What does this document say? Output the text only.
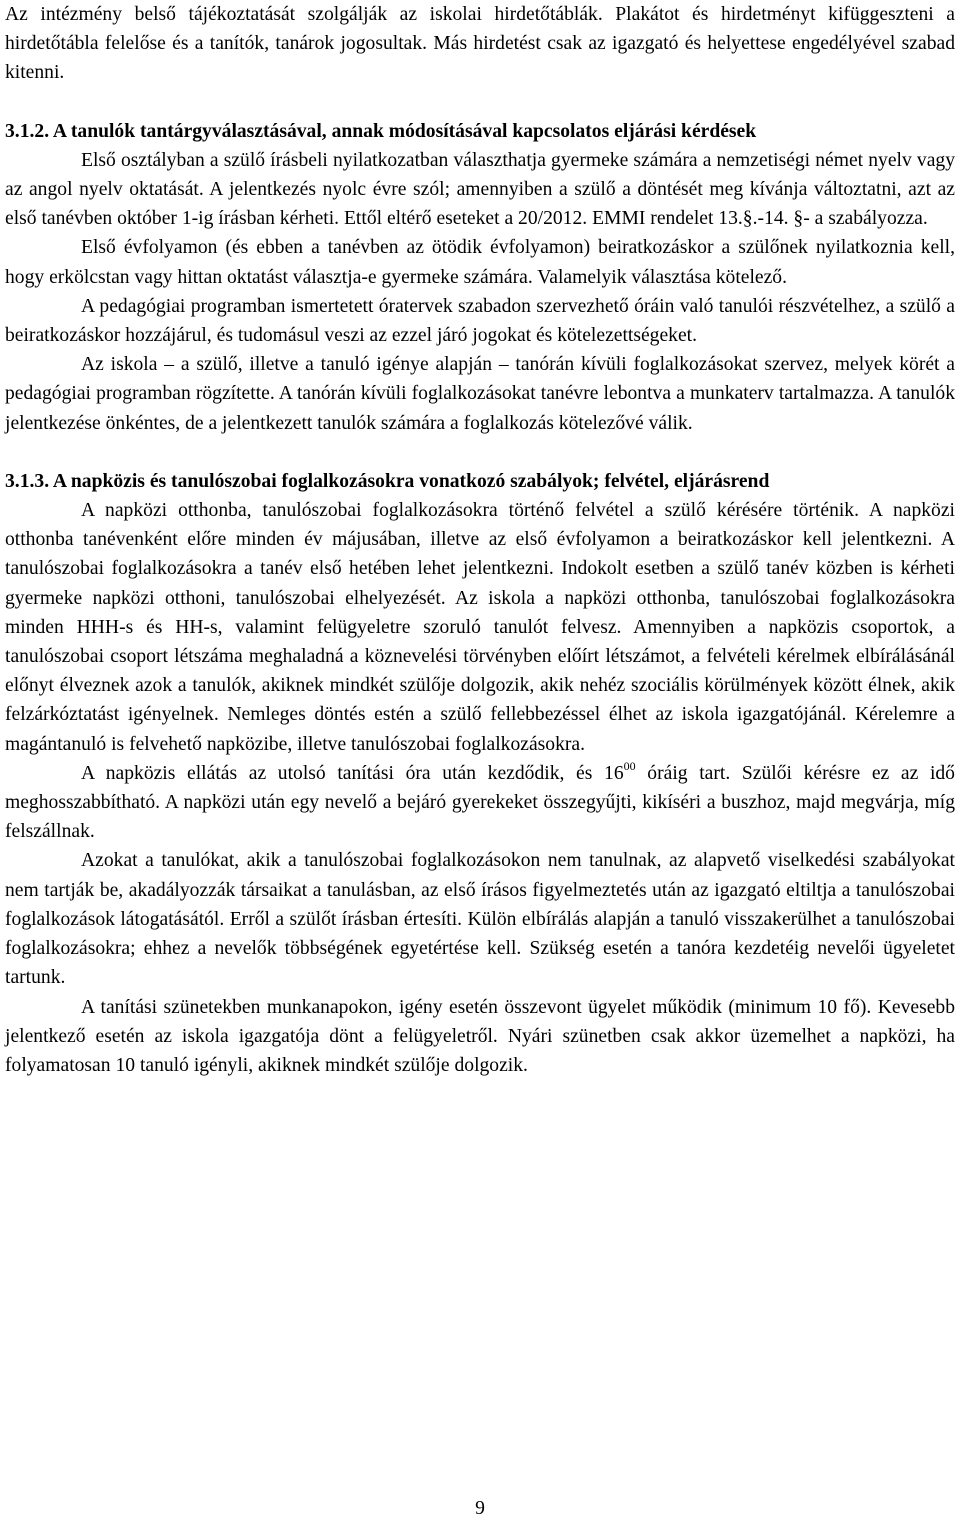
Az intézmény belső tájékoztatását szolgálják az iskolai hirdetőtáblák. Plakátot és hirdetményt kifüggeszteni a hirdetőtábla felelőse és a tanítók, tanárok jogosultak. Más hirdetést csak az igazgató és helyettese engedélyével szabad kitenni.

3.1.2. A tanulók tantárgyválasztásával, annak módosításával kapcsolatos eljárási kérdések

Első osztályban a szülő írásbeli nyilatkozatban választhatja gyermeke számára a nemzetiségi német nyelv vagy az angol nyelv oktatását. A jelentkezés nyolc évre szól; amennyiben a szülő a döntését meg kívánja változtatni, azt az első tanévben október 1-ig írásban kérheti. Ettől eltérő eseteket a 20/2012. EMMI rendelet 13.§.-14. §- a szabályozza.

Első évfolyamon (és ebben a tanévben az ötödik évfolyamon) beiratkozáskor a szülőnek nyilatkoznia kell, hogy erkölcstan vagy hittan oktatást választja-e gyermeke számára. Valamelyik választása kötelező.

A pedagógiai programban ismertetett óratervek szabadon szervezhető óráin való tanulói részvételhez, a szülő a beiratkozáskor hozzájárul, és tudomásul veszi az ezzel járó jogokat és kötelezettségeket.

Az iskola – a szülő, illetve a tanuló igénye alapján – tanórán kívüli foglalkozásokat szervez, melyek körét a pedagógiai programban rögzítette. A tanórán kívüli foglalkozásokat tanévre lebontva a munkaterv tartalmazza. A tanulók jelentkezése önkéntes, de a jelentkezett tanulók számára a foglalkozás kötelezővé válik.

3.1.3. A napközis és tanulószobai foglalkozásokra vonatkozó szabályok; felvétel, eljárásrend

A napközi otthonba, tanulószobai foglalkozásokra történő felvétel a szülő kérésére történik. A napközi otthonba tanévenként előre minden év májusában, illetve az első évfolyamon a beiratkozáskor kell jelentkezni. A tanulószobai foglalkozásokra a tanév első hetében lehet jelentkezni. Indokolt esetben a szülő tanév közben is kérheti gyermeke napközi otthoni, tanulószobai elhelyezését. Az iskola a napközi otthonba, tanulószobai foglalkozásokra minden HHH-s és HH-s, valamint felügyeletre szoruló tanulót felvesz. Amennyiben a napközis csoportok, a tanulószobai csoport létszáma meghaladná a köznevelési törvényben előírt létszámot, a felvételi kérelmek elbírálásánál előnyt élveznek azok a tanulók, akiknek mindkét szülője dolgozik, akik nehéz szociális körülmények között élnek, akik felzárkóztatást igényelnek. Nemleges döntés estén a szülő fellebbezéssel élhet az iskola igazgatójánál. Kérelemre a magántanuló is felvehető napközibe, illetve tanulószobai foglalkozásokra.

A napközis ellátás az utolsó tanítási óra után kezdődik, és $16^{00}$ óráig tart. Szülői kérésre ez az idő meghosszabbítható. A napközi után egy nevelő a bejáró gyerekeket összegyűjti, kikíséri a buszhoz, majd megvárja, míg felszállnak.

Azokat a tanulókat, akik a tanulószobai foglalkozásokon nem tanulnak, az alapvető viselkedési szabályokat nem tartják be, akadályozzák társaikat a tanulásban, az első írásos figyelmeztetés után az igazgató eltiltja a tanulószobai foglalkozások látogatásától. Erről a szülőt írásban értesíti. Külön elbírálás alapján a tanuló visszakerülhet a tanulószobai foglalkozásokra; ehhez a nevelők többségének egyetértése kell. Szükség esetén a tanóra kezdetéig nevelői ügyeletet tartunk.

A tanítási szünetekben munkanapokon, igény esetén összevont ügyelet működik (minimum 10 fő). Kevesebb jelentkező esetén az iskola igazgatója dönt a felügyeletről. Nyári szünetben csak akkor üzemelhet a napközi, ha folyamatosan 10 tanuló igényli, akiknek mindkét szülője dolgozik.

9
